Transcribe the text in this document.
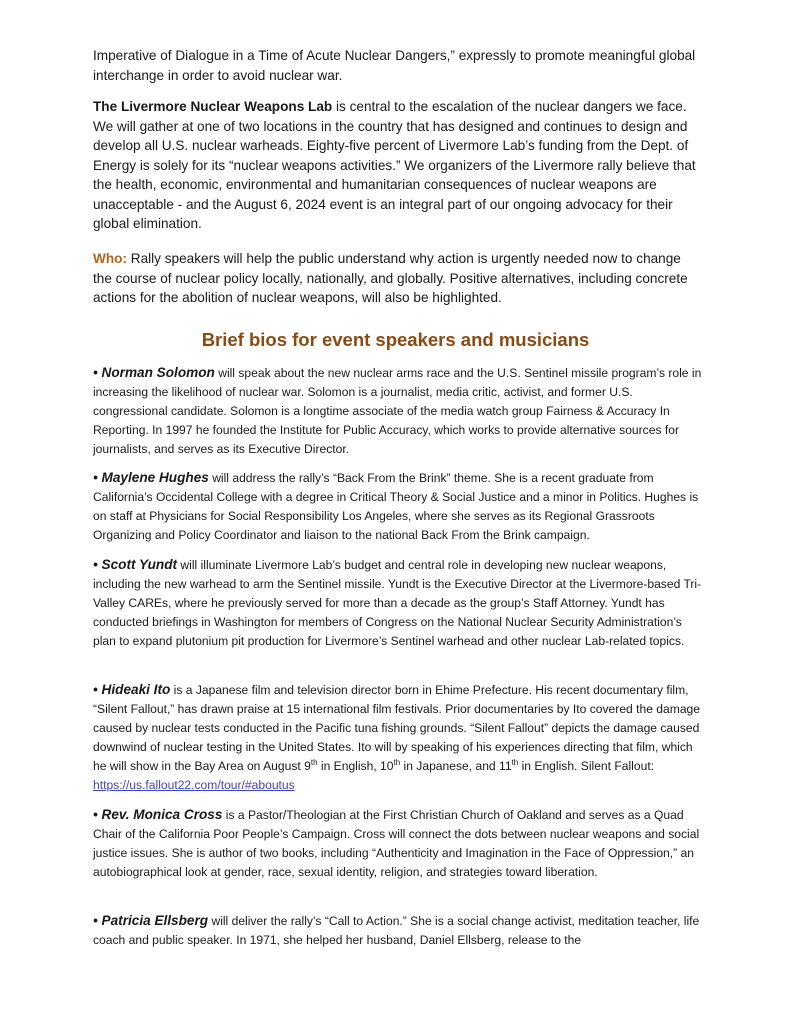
Imperative of Dialogue in a Time of Acute Nuclear Dangers,” expressly to promote meaningful global interchange in order to avoid nuclear war.

The Livermore Nuclear Weapons Lab is central to the escalation of the nuclear dangers we face. We will gather at one of two locations in the country that has designed and continues to design and develop all U.S. nuclear warheads. Eighty-five percent of Livermore Lab’s funding from the Dept. of Energy is solely for its “nuclear weapons activities.” We organizers of the Livermore rally believe that the health, economic, environmental and humanitarian consequences of nuclear weapons are unacceptable - and the August 6, 2024 event is an integral part of our ongoing advocacy for their global elimination.

Who: Rally speakers will help the public understand why action is urgently needed now to change the course of nuclear policy locally, nationally, and globally. Positive alternatives, including concrete actions for the abolition of nuclear weapons, will also be highlighted.

Brief bios for event speakers and musicians

• Norman Solomon will speak about the new nuclear arms race and the U.S. Sentinel missile program’s role in increasing the likelihood of nuclear war. Solomon is a journalist, media critic, activist, and former U.S. congressional candidate. Solomon is a longtime associate of the media watch group Fairness & Accuracy In Reporting. In 1997 he founded the Institute for Public Accuracy, which works to provide alternative sources for journalists, and serves as its Executive Director.

• Maylene Hughes will address the rally’s “Back From the Brink” theme. She is a recent graduate from California’s Occidental College with a degree in Critical Theory & Social Justice and a minor in Politics. Hughes is on staff at Physicians for Social Responsibility Los Angeles, where she serves as its Regional Grassroots Organizing and Policy Coordinator and liaison to the national Back From the Brink campaign.

• Scott Yundt will illuminate Livermore Lab’s budget and central role in developing new nuclear weapons, including the new warhead to arm the Sentinel missile. Yundt is the Executive Director at the Livermore-based Tri-Valley CAREs, where he previously served for more than a decade as the group’s Staff Attorney. Yundt has conducted briefings in Washington for members of Congress on the National Nuclear Security Administration’s plan to expand plutonium pit production for Livermore’s Sentinel warhead and other nuclear Lab-related topics.

• Hideaki Ito is a Japanese film and television director born in Ehime Prefecture. His recent documentary film, “Silent Fallout,” has drawn praise at 15 international film festivals. Prior documentaries by Ito covered the damage caused by nuclear tests conducted in the Pacific tuna fishing grounds. “Silent Fallout” depicts the damage caused downwind of nuclear testing in the United States. Ito will by speaking of his experiences directing that film, which he will show in the Bay Area on August 9th in English, 10th in Japanese, and 11th in English. Silent Fallout: https://us.fallout22.com/tour/#aboutus

• Rev. Monica Cross is a Pastor/Theologian at the First Christian Church of Oakland and serves as a Quad Chair of the California Poor People’s Campaign. Cross will connect the dots between nuclear weapons and social justice issues. She is author of two books, including “Authenticity and Imagination in the Face of Oppression,” an autobiographical look at gender, race, sexual identity, religion, and strategies toward liberation.

• Patricia Ellsberg will deliver the rally’s “Call to Action.” She is a social change activist, meditation teacher, life coach and public speaker. In 1971, she helped her husband, Daniel Ellsberg, release to the
